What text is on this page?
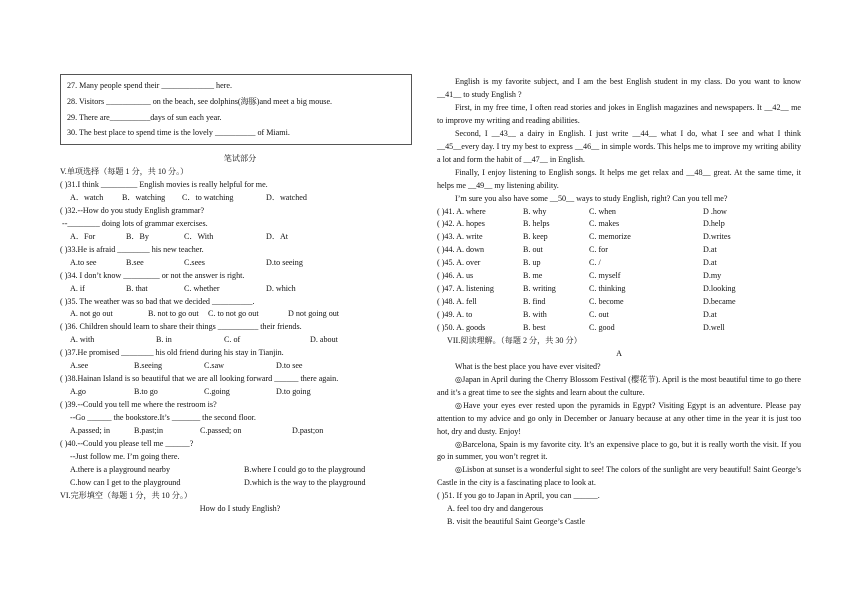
27. Many people spend their _____________ here.
28. Visitors ___________ on the beach, see dolphins(海豚)and meet a big mouse.
29. There are__________days of sun each year.
30. The best place to spend time is the lovely __________ of Miami.
笔试部分
V.单项选择（每题 1 分，共 10 分。）
( )31.I think _________ English movies is really helpful for me.
A．watch	B．watching	C．to watching	D．watched
( )32.--How do you study English grammar?
--________ doing lots of grammar exercises.
A．For	B．By	C．With	D．At
( )33.He is afraid ________ his new teacher.
A.to see	B.see	C.sees	D.to seeing
( )34. I don’t know _________ or not the answer is right.
A. if	B. that	C. whether	D. which
( )35. The weather was so bad that we decided __________.
A. not go out	B. not to go out	C. to not go out	D not going out
( )36. Children should learn to share their things __________ their friends.
A. with	B. in	C. of	D. about
( )37.He promised ________ his old friend during his stay in Tianjin.
A.see	B.seeing	C.saw	D.to see
( )38.Hainan Island is so beautiful that we are all looking forward ______ there again.
A.go	B.to go	C.going	D.to going
( )39.--Could you tell me where the restroom is?
--Go ______ the bookstore.It’s _______ the second floor.
A.passed; in	B.past;in	C.passed; on	D.past;on
( )40.--Could you please tell me ______?
--Just follow me. I’m going there.
A.there is a playground nearby	B.where I could go to the playground
C.how can I get to the playground	D.which is the way to the playground
VI.完形填空（每题 1 分，共 10 分。）
How do I study English?

English is my favorite subject, and I am the best English student in my class. Do you want to know __41__ to study English ?

First, in my free time, I often read stories and jokes in English magazines and newspapers. It __42__ me to improve my writing and reading abilities.

Second, I __43__ a dairy in English. I just write __44__ what I do, what I see and what I think __45__every day. I try my best to express __46__ in simple words. This helps me to improve my writing ability a lot and form the habit of __47__ in English.

Finally, I enjoy listening to English songs. It helps me get relax and __48__ great. At the same time, it helps me __49__ my listening ability.

I’m sure you also have some __50__ ways to study English, right? Can you tell me?

( )41. A. where	B. why	C. when	D .how
( )42. A. hopes	B. helps	C. makes	D.help
( )43. A. write	B. keep	C. memorize	D.writes
( )44. A. down	B. out	C. for	D.at
( )45. A. over	B. up	C. /	D.at
( )46. A. us	B. me	C. myself	D.my
( )47. A. listening	B. writing	C. thinking	D.looking
( )48. A. fell	B. find	C. become	D.became
( )49. A. to	B. with	C. out	D.at
( )50. A. goods	B. best	C. good	D.well
VII.阅读理解。（每题 2 分，共 30 分）
A

What is the best place you have ever visited?

◎Japan in April during the Cherry Blossom Festival (樱花节). April is the most beautiful time to go there and it’s a great time to see the sights and learn about the culture.

◎Have your eyes ever rested upon the pyramids in Egypt? Visiting Egypt is an adventure. Please pay attention to my advice and go only in December or January because at any other time in the year it is just too hot, dry and dusty. Enjoy!

◎Barcelona, Spain is my favorite city. It’s an expensive place to go, but it is really worth the visit. If you go in summer, you won’t regret it.

◎Lisbon at sunset is a wonderful sight to see! The colors of the sunlight are very beautiful! Saint George’s Castle in the city is a fascinating place to look at.

( )51. If you go to Japan in April, you can ______.
A. feel too dry and dangerous
B. visit the beautiful Saint George’s Castle
